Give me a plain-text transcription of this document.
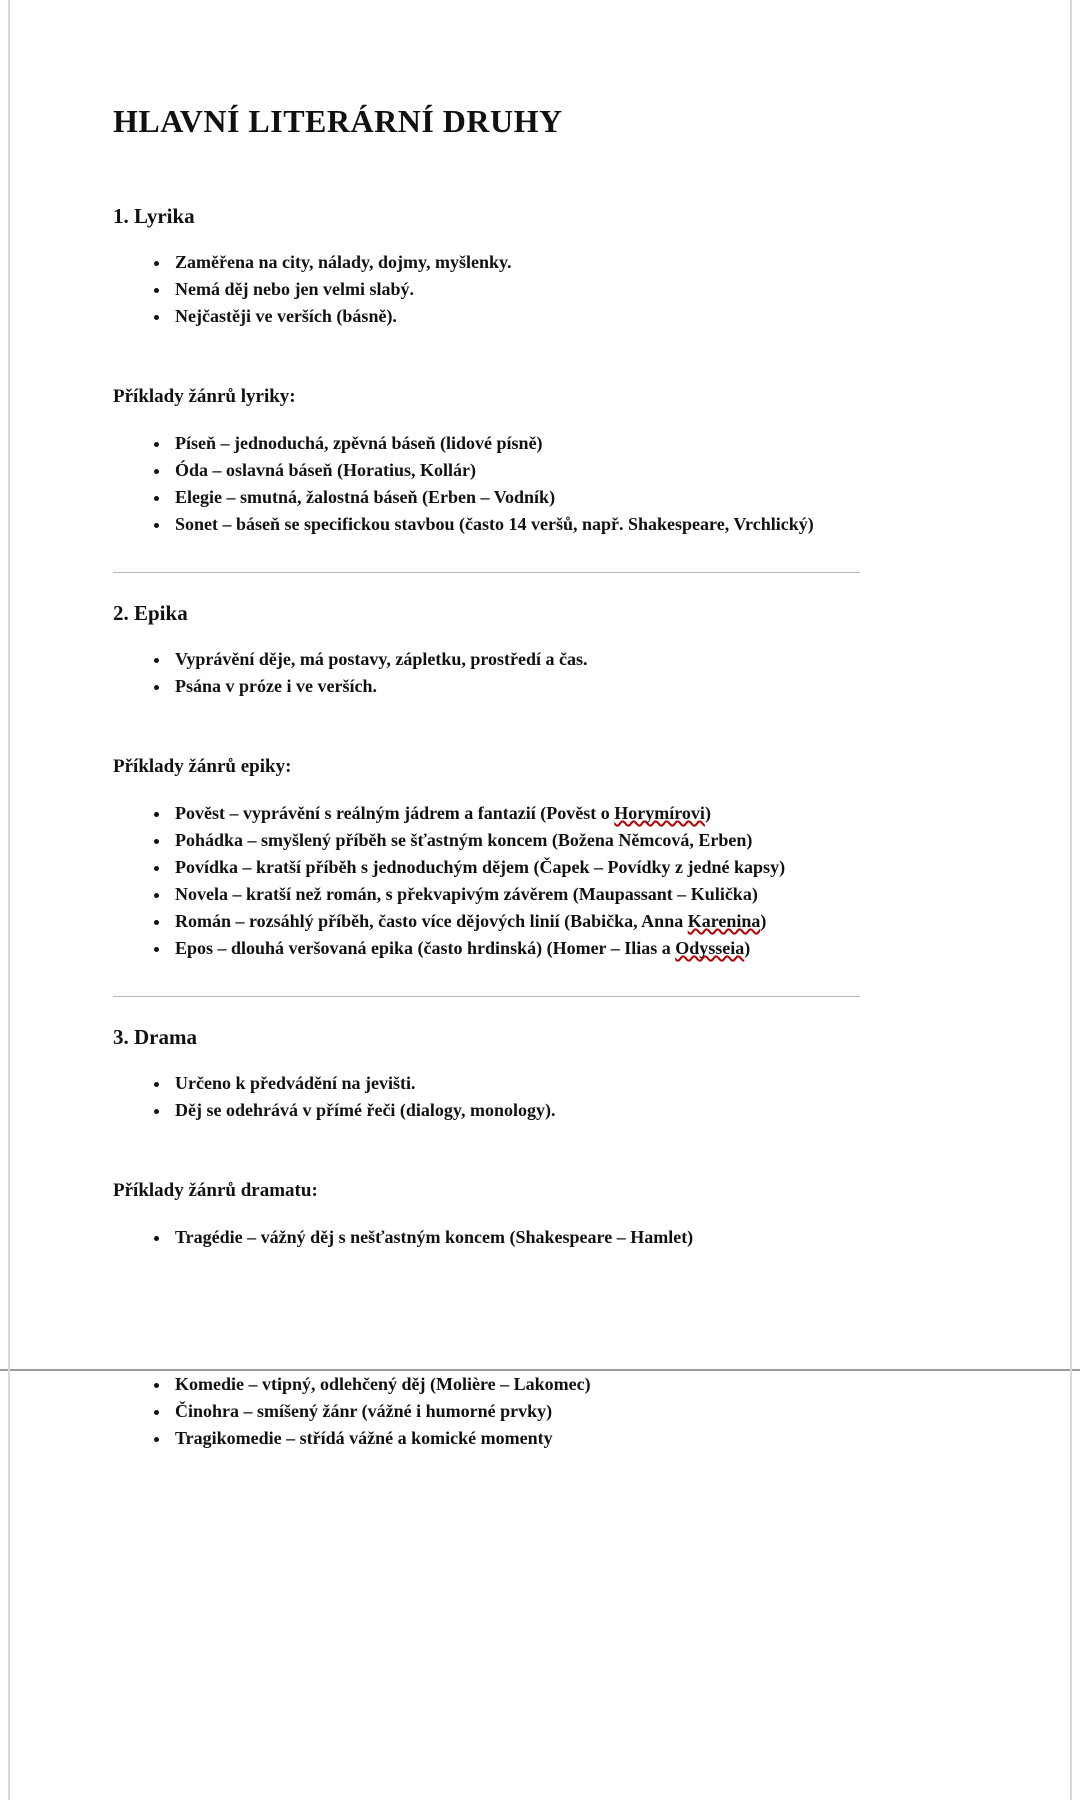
HLAVNÍ LITERÁRNÍ DRUHY
1. Lyrika
• Zaměřena na city, nálady, dojmy, myšlenky.
• Nemá děj nebo jen velmi slabý.
• Nejčastěji ve verších (básně).
Příklady žánrů lyriky:
• Píseň – jednoduchá, zpěvná báseň (lidové písně)
• Óda – oslavná báseň (Horatius, Kollár)
• Elegie – smutná, žalostná báseň (Erben – Vodník)
• Sonet – báseň se specifickou stavbou (často 14 veršů, např. Shakespeare, Vrchlický)
2. Epika
• Vyprávění děje, má postavy, zápletku, prostředí a čas.
• Psána v próze i ve verších.
Příklady žánrů epiky:
• Pověst – vyprávění s reálným jádrem a fantazií (Pověst o Horymírovi)
• Pohádka – smyšlený příběh se šťastným koncem (Božena Němcová, Erben)
• Povídka – kratší příběh s jednoduchým dějem (Čapek – Povídky z jedné kapsy)
• Novela – kratší než román, s překvapivým závěrem (Maupassant – Kulička)
• Román – rozsáhlý příběh, často více dějových linií (Babička, Anna Karenina)
• Epos – dlouhá veršovaná epika (často hrdinská) (Homer – Ilias a Odysseia)
3. Drama
• Určeno k předvádění na jevišti.
• Děj se odehrává v přímé řeči (dialogy, monology).
Příklady žánrů dramatu:
• Tragédie – vážný děj s nešťastným koncem (Shakespeare – Hamlet)
• Komedie – vtipný, odlehčený děj (Molière – Lakomec)
• Činohra – smíšený žánr (vážné i humorné prvky)
• Tragikomedie – střídá vážné a komické momenty
